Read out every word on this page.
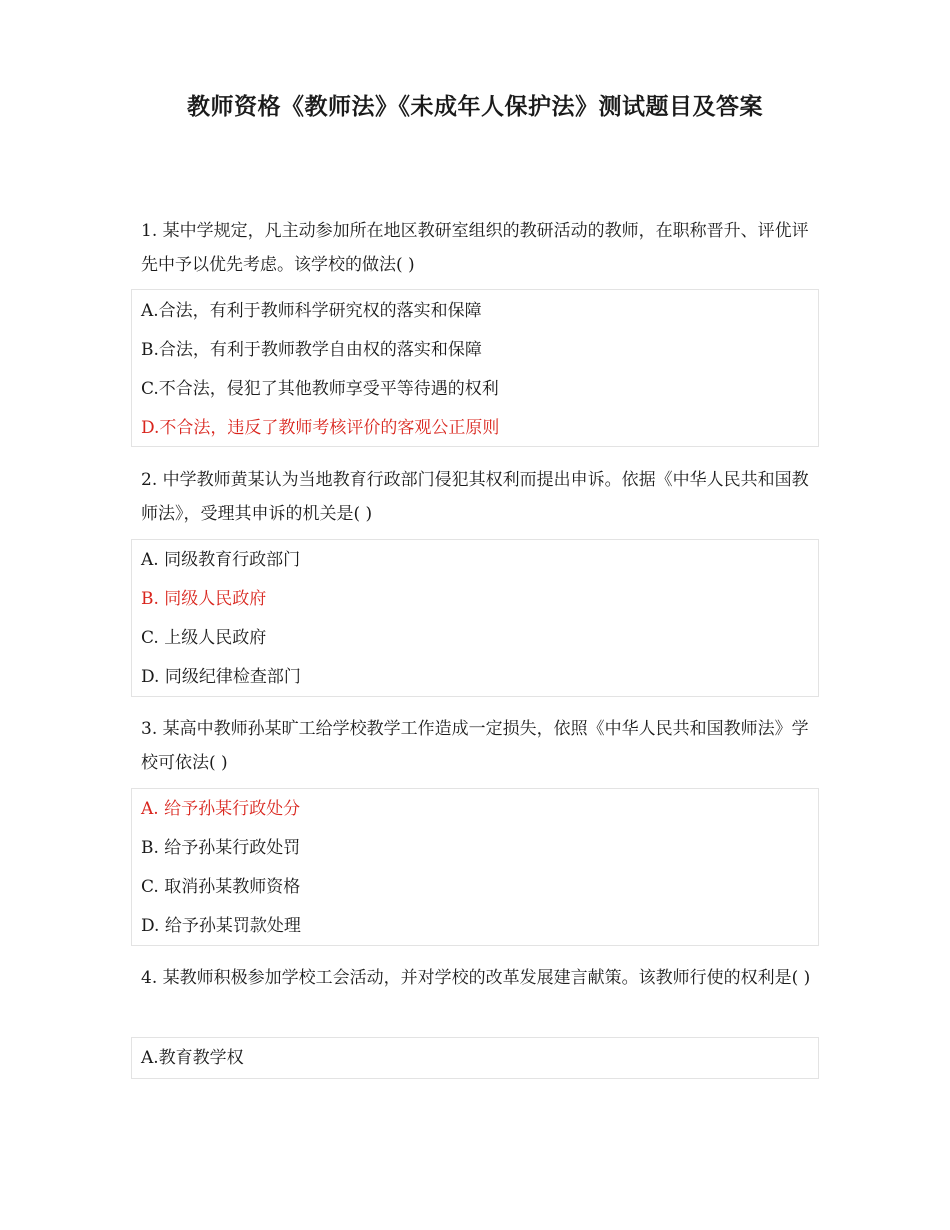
教师资格《教师法》《未成年人保护法》测试题目及答案
1. 某中学规定，凡主动参加所在地区教研室组织的教研活动的教师，在职称晋升、评优评先中予以优先考虑。该学校的做法( )
A.合法，有利于教师科学研究权的落实和保障
B.合法，有利于教师教学自由权的落实和保障
C.不合法，侵犯了其他教师享受平等待遇的权利
D.不合法，违反了教师考核评价的客观公正原则
2. 中学教师黄某认为当地教育行政部门侵犯其权利而提出申诉。依据《中华人民共和国教师法》，受理其申诉的机关是( )
A. 同级教育行政部门
B. 同级人民政府
C. 上级人民政府
D. 同级纪律检查部门
3. 某高中教师孙某旷工给学校教学工作造成一定损失，依照《中华人民共和国教师法》学校可依法( )
A. 给予孙某行政处分
B. 给予孙某行政处罚
C. 取消孙某教师资格
D. 给予孙某罚款处理
4. 某教师积极参加学校工会活动，并对学校的改革发展建言献策。该教师行使的权利是( )
A.教育教学权
